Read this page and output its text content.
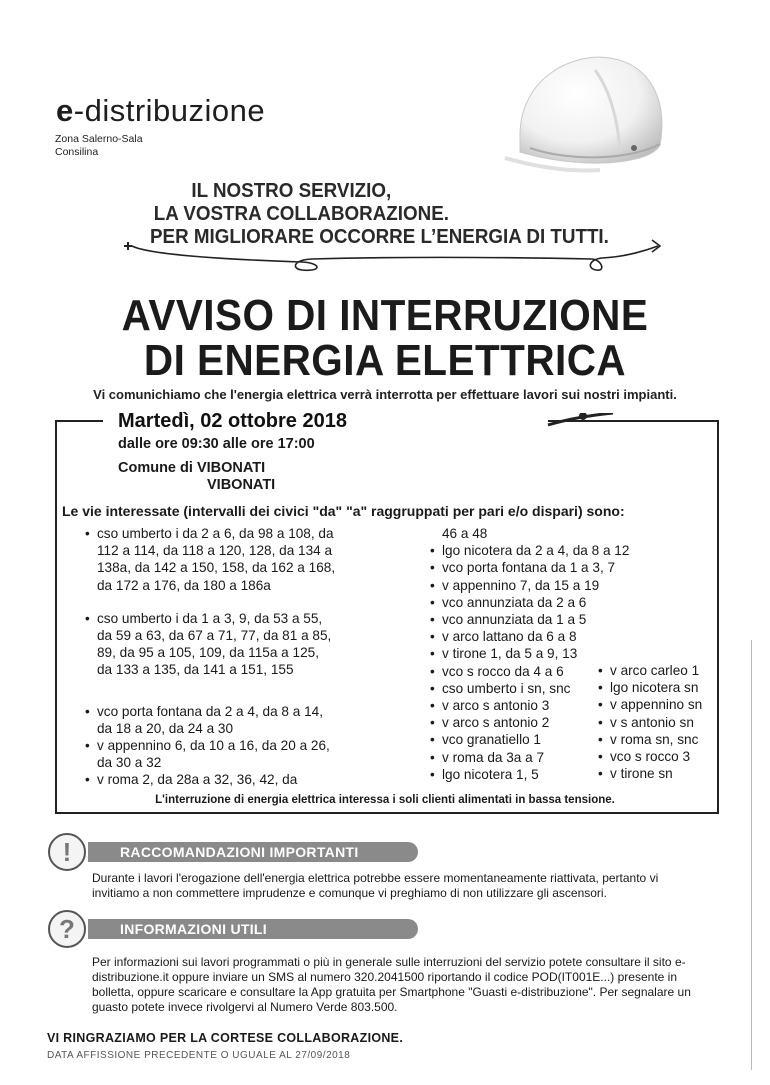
e-distribuzione
Zona Salerno-Sala
Consilina
IL NOSTRO SERVIZIO,
LA VOSTRA COLLABORAZIONE.
PER MIGLIORARE OCCORRE L’ENERGIA DI TUTTI.
AVVISO DI INTERRUZIONE
DI ENERGIA ELETTRICA
Vi comunichiamo che l'energia elettrica verrà interrotta per effettuare lavori sui nostri impianti.
Martedì, 02 ottobre 2018
dalle ore 09:30 alle ore 17:00
Comune di VIBONATI
VIBONATI
Le vie interessate (intervalli dei civici "da" "a" raggruppati per pari e/o dispari) sono:
• cso umberto i da 2 a 6, da 98 a 108, da
112 a 114, da 118 a 120, 128, da 134 a
138a, da 142 a 150, 158, da 162 a 168,
da 172 a 176, da 180 a 186a
• cso umberto i da 1 a 3, 9, da 53 a 55,
da 59 a 63, da 67 a 71, 77, da 81 a 85,
89, da 95 a 105, 109, da 115a a 125,
da 133 a 135, da 141 a 151, 155
• vco porta fontana da 2 a 4, da 8 a 14,
da 18 a 20, da 24 a 30
• v appennino 6, da 10 a 16, da 20 a 26,
da 30 a 32
• v roma 2, da 28a a 32, 36, 42, da
46 a 48
• lgo nicotera da 2 a 4, da 8 a 12
• vco porta fontana da 1 a 3, 7
• v appennino 7, da 15 a 19
• vco annunziata da 2 a 6
• vco annunziata da 1 a 5
• v arco lattano da 6 a 8
• v tirone 1, da 5 a 9, 13
• vco s rocco da 4 a 6
• cso umberto i sn, snc
• v arco s antonio 3
• v arco s antonio 2
• vco granatiello 1
• v roma da 3a a 7
• lgo nicotera 1, 5
• v arco carleo 1
• lgo nicotera sn
• v appennino sn
• v s antonio sn
• v roma sn, snc
• vco s rocco 3
• v tirone sn
L'interruzione di energia elettrica interessa i soli clienti alimentati in bassa tensione.
!	RACCOMANDAZIONI IMPORTANTI
Durante i lavori l'erogazione dell'energia elettrica potrebbe essere momentaneamente riattivata, pertanto vi invitiamo a non commettere imprudenze e comunque vi preghiamo di non utilizzare gli ascensori.
?	INFORMAZIONI UTILI
Per informazioni sui lavori programmati o più in generale sulle interruzioni del servizio potete consultare il sito e-distribuzione.it oppure inviare un SMS al numero 320.2041500 riportando il codice POD(IT001E...) presente in bolletta, oppure scaricare e consultare la App gratuita per Smartphone "Guasti e-distribuzione". Per segnalare un guasto potete invece rivolgervi al Numero Verde 803.500.
VI RINGRAZIAMO PER LA CORTESE COLLABORAZIONE.
DATA AFFISSIONE PRECEDENTE O UGUALE AL 27/09/2018
